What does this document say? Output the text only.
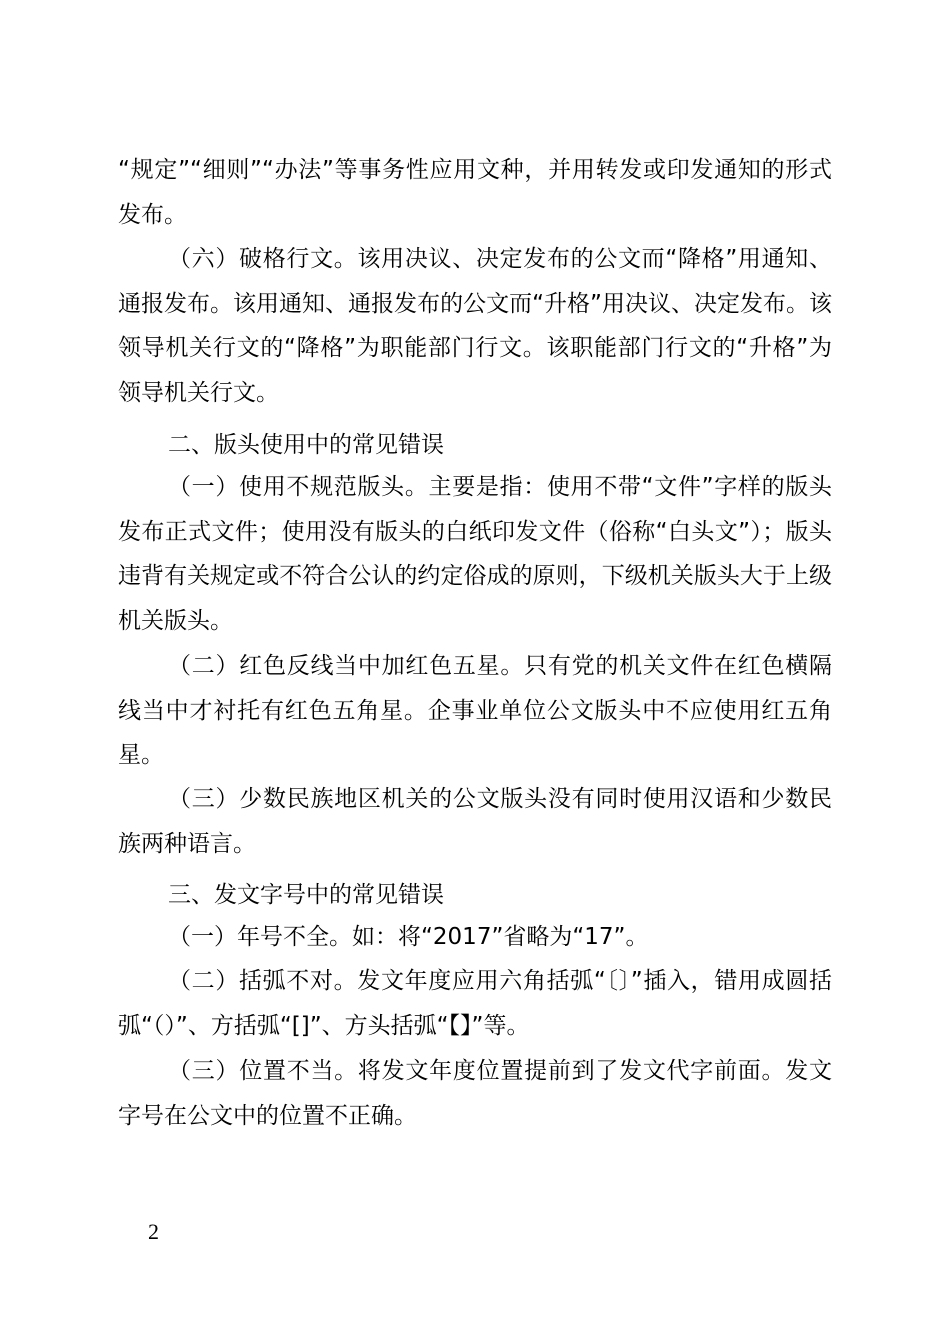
“规定”“细则”“办法”等事务性应用文种，并用转发或印发通知的形式发布。

（六）破格行文。该用决议、决定发布的公文而“降格”用通知、通报发布。该用通知、通报发布的公文而“升格”用决议、决定发布。该领导机关行文的“降格”为职能部门行文。该职能部门行文的“升格”为领导机关行文。

二、版头使用中的常见错误

（一）使用不规范版头。主要是指：使用不带“文件”字样的版头发布正式文件；使用没有版头的白纸印发文件（俗称“白头文”）；版头违背有关规定或不符合公认的约定俗成的原则，下级机关版头大于上级机关版头。

（二）红色反线当中加红色五星。只有党的机关文件在红色横隔线当中才衬托有红色五角星。企事业单位公文版头中不应使用红五角星。

（三）少数民族地区机关的公文版头没有同时使用汉语和少数民族两种语言。

三、发文字号中的常见错误

（一）年号不全。如：将“2017”省略为“17”。

（二）括弧不对。发文年度应用六角括弧“〔〕”插入，错用成圆括弧“（）”、方括弧“[]”、方头括弧“【】”等。

（三）位置不当。将发文年度位置提前到了发文代字前面。发文字号在公文中的位置不正确。

2
